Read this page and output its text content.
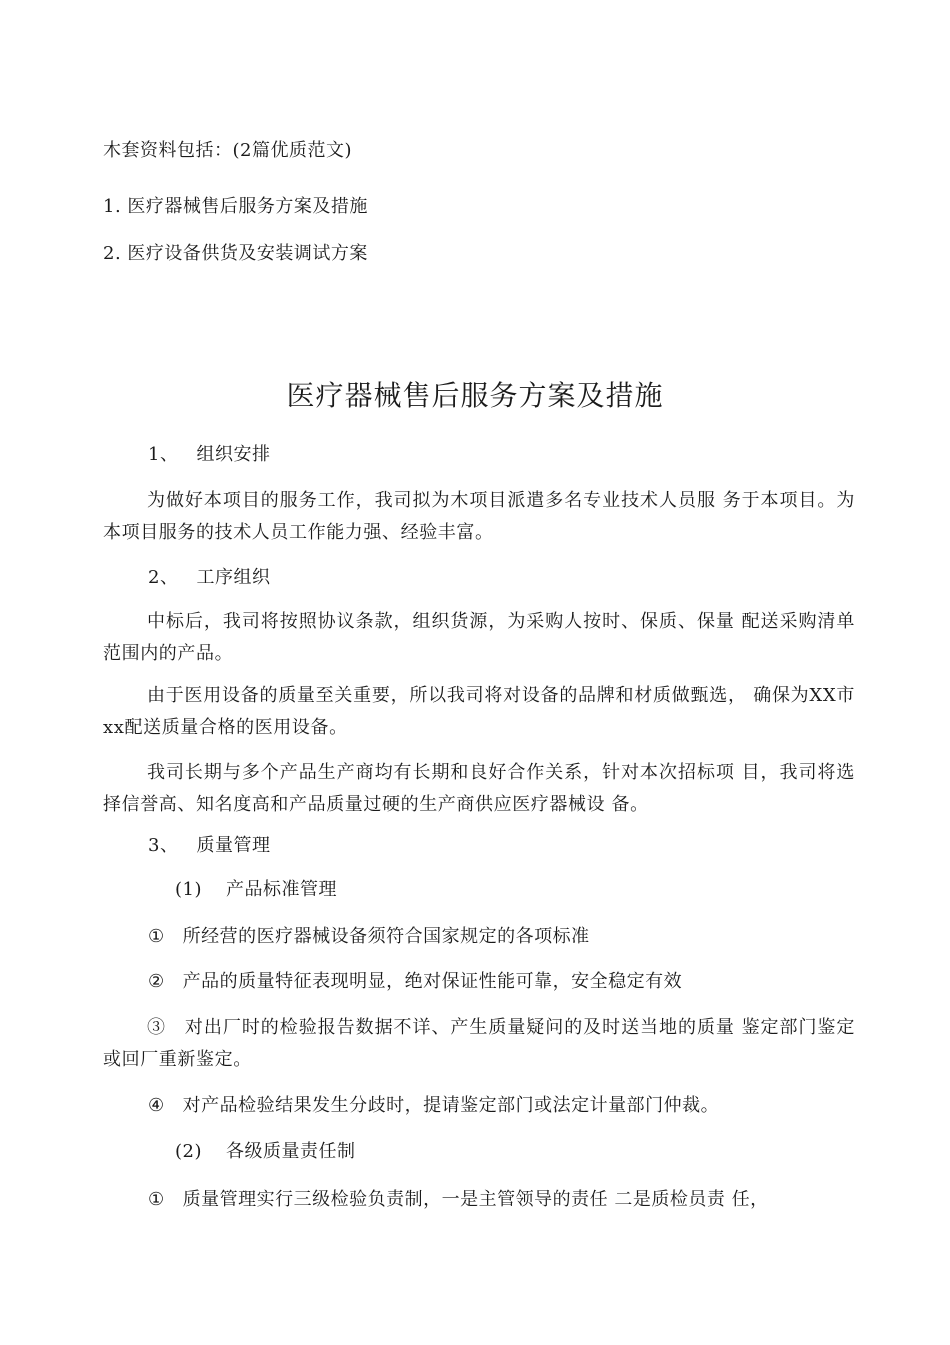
木套资料包括：(2篇优质范文)
1. 医疗器械售后服务方案及措施
2. 医疗设备供货及安装调试方案
医疗器械售后服务方案及措施
1、 组织安排
为做好本项目的服务工作，我司拟为木项目派遣多名专业技术人员服 务于本项目。为本项目服务的技术人员工作能力强、经验丰富。
2、 工序组织
中标后，我司将按照协议条款，组织货源，为采购人按时、保质、保量 配送采购清单范围内的产品。
由于医用设备的质量至关重要，所以我司将对设备的品牌和材质做甄选， 确保为XX市xx配送质量合格的医用设备。
我司长期与多个产品生产商均有长期和良好合作关系，针对本次招标项 目，我司将选择信誉高、知名度高和产品质量过硬的生产商供应医疗器械设 备。
3、 质量管理
(1) 产品标准管理
① 所经营的医疗器械设备须符合国家规定的各项标准
② 产品的质量特征表现明显，绝对保证性能可靠，安全稳定有效
③　对出厂时的检验报告数据不详、产生质量疑问的及时送当地的质量 鉴定部门鉴定或回厂重新鉴定。
④ 对产品检验结果发生分歧时，提请鉴定部门或法定计量部门仲裁。
(2) 各级质量责任制
① 质量管理实行三级检验负责制，一是主管领导的责任 二是质检员责 任，
